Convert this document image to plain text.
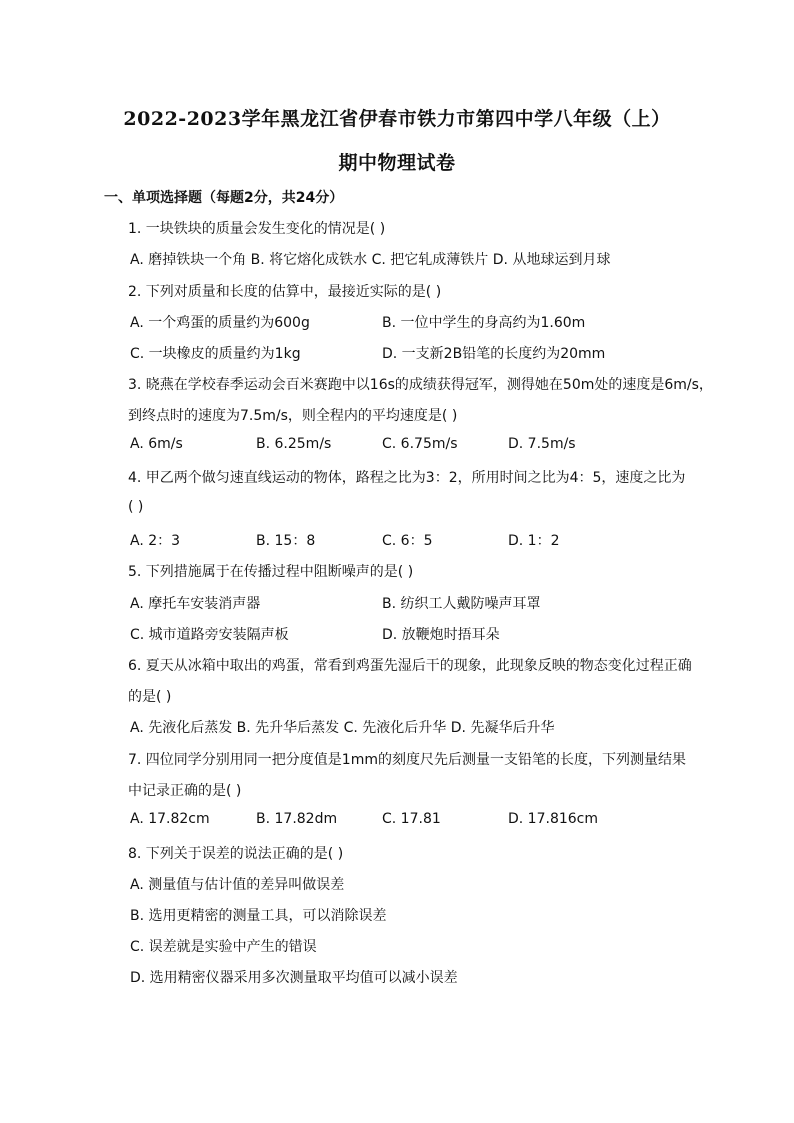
2022-2023学年黑龙江省伊春市铁力市第四中学八年级（上）
期中物理试卷
一、单项选择题（每题2分，共24分）
1. 一块铁块的质量会发生变化的情况是( )
A. 磨掉铁块一个角 B. 将它熔化成铁水 C. 把它轧成薄铁片 D. 从地球运到月球
2. 下列对质量和长度的估算中，最接近实际的是( )
A. 一个鸡蛋的质量约为600g	B. 一位中学生的身高约为1.60m
C. 一块橡皮的质量约为1kg	D. 一支新2B铅笔的长度约为20mm
3. 晓燕在学校春季运动会百米赛跑中以16s的成绩获得冠军，测得她在50m处的速度是6m/s，
到终点时的速度为7.5m/s，则全程内的平均速度是( )
A. 6m/s	B. 6.25m/s	C. 6.75m/s	D. 7.5m/s
4. 甲乙两个做匀速直线运动的物体，路程之比为3：2，所用时间之比为4：5，速度之比为
( )
A. 2：3	B. 15：8	C. 6：5	D. 1：2
5. 下列措施属于在传播过程中阻断噪声的是( )
A. 摩托车安装消声器	B. 纺织工人戴防噪声耳罩
C. 城市道路旁安装隔声板	D. 放鞭炮时捂耳朵
6. 夏天从冰箱中取出的鸡蛋，常看到鸡蛋先湿后干的现象，此现象反映的物态变化过程正确
的是( )
A. 先液化后蒸发 B. 先升华后蒸发 C. 先液化后升华 D. 先凝华后升华
7. 四位同学分别用同一把分度值是1mm的刻度尺先后测量一支铅笔的长度，下列测量结果
中记录正确的是( )
A. 17.82cm	B. 17.82dm	C. 17.81	D. 17.816cm
8. 下列关于误差的说法正确的是( )
A. 测量值与估计值的差异叫做误差
B. 选用更精密的测量工具，可以消除误差
C. 误差就是实验中产生的错误
D. 选用精密仪器采用多次测量取平均值可以减小误差
